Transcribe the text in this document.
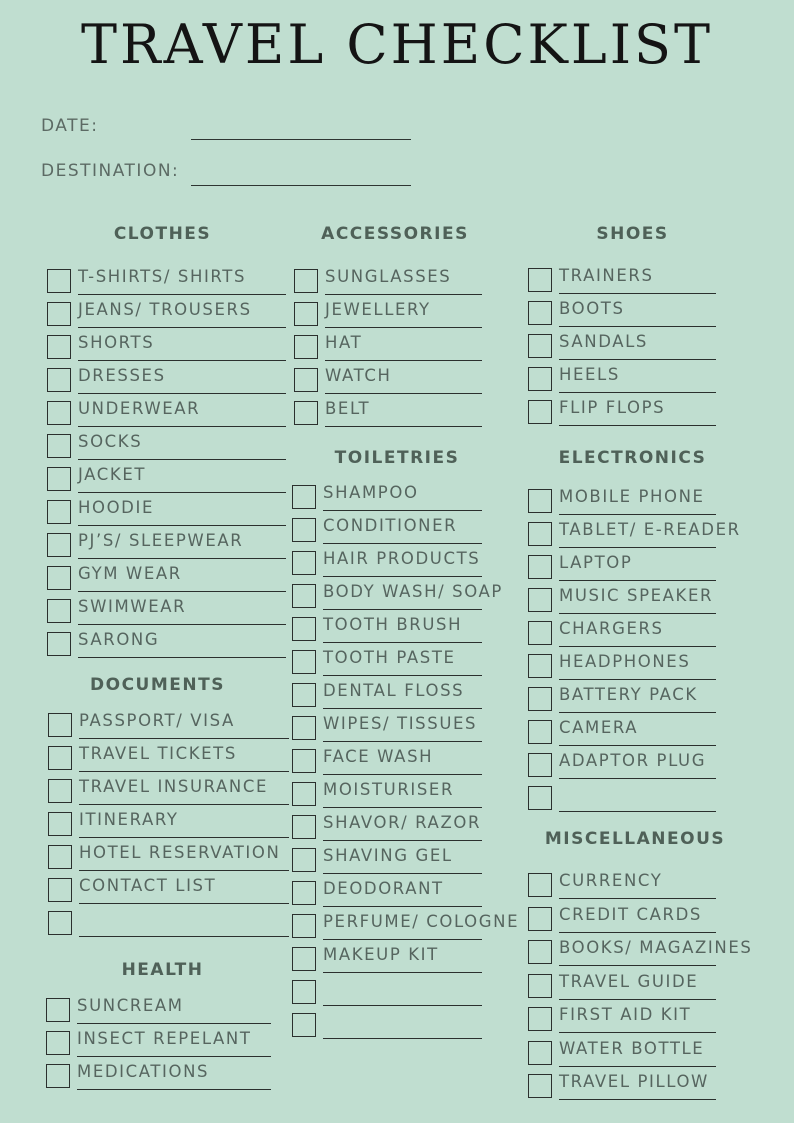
TRAVEL CHECKLIST
DATE:
DESTINATION:
CLOTHES
DOCUMENTS
HEALTH
ACCESSORIES
TOILETRIES
SHOES
ELECTRONICS
MISCELLANEOUS
T-SHIRTS/ SHIRTS
JEANS/ TROUSERS
SHORTS
DRESSES
UNDERWEAR
SOCKS
JACKET
HOODIE
PJ’S/ SLEEPWEAR
GYM WEAR
SWIMWEAR
SARONG
PASSPORT/ VISA
TRAVEL TICKETS
TRAVEL INSURANCE
ITINERARY
HOTEL RESERVATION
CONTACT LIST
SUNCREAM
INSECT REPELANT
MEDICATIONS
SUNGLASSES
JEWELLERY
HAT
WATCH
BELT
SHAMPOO
CONDITIONER
HAIR PRODUCTS
BODY WASH/ SOAP
TOOTH BRUSH
TOOTH PASTE
DENTAL FLOSS
WIPES/ TISSUES
FACE WASH
MOISTURISER
SHAVOR/ RAZOR
SHAVING GEL
DEODORANT
PERFUME/ COLOGNE
MAKEUP KIT
TRAINERS
BOOTS
SANDALS
HEELS
FLIP FLOPS
MOBILE PHONE
TABLET/ E-READER
LAPTOP
MUSIC SPEAKER
CHARGERS
HEADPHONES
BATTERY PACK
CAMERA
ADAPTOR PLUG
CURRENCY
CREDIT CARDS
BOOKS/ MAGAZINES
TRAVEL GUIDE
FIRST AID KIT
WATER BOTTLE
TRAVEL PILLOW
